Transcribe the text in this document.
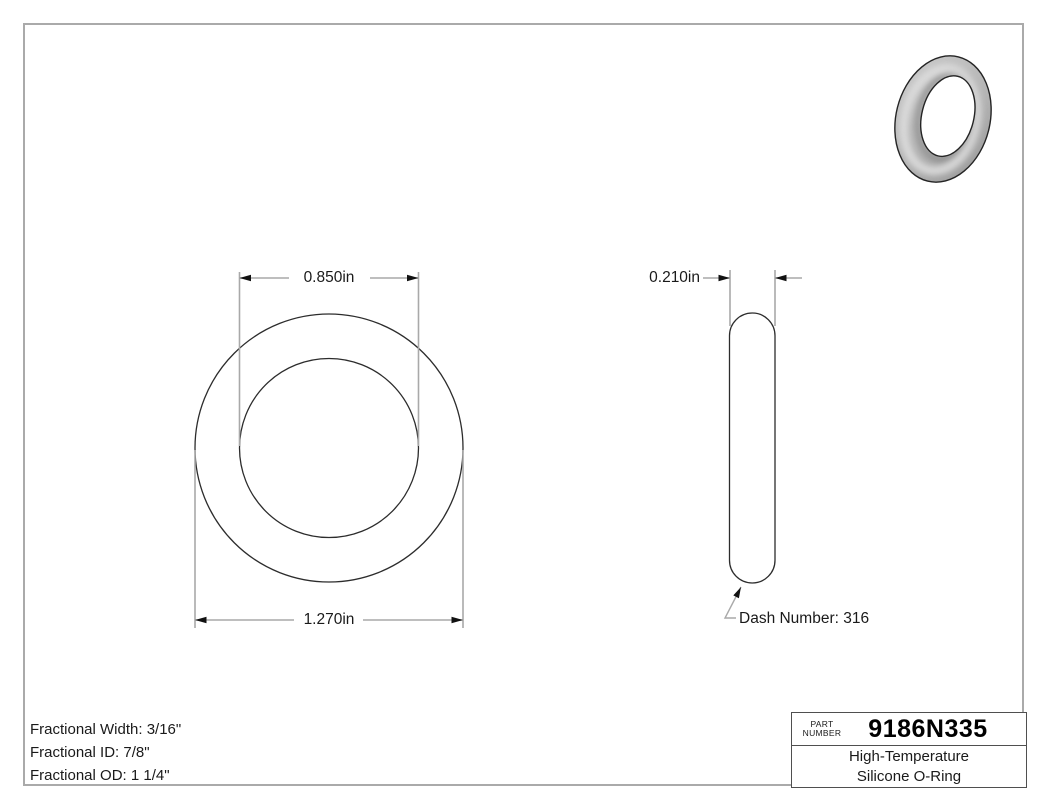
0.850in
1.270in
0.210in
Dash Number: 316
Fractional Width: 3/16"
Fractional ID: 7/8"
Fractional OD: 1 1/4"
PART
NUMBER	9186N335
High-Temperature
Silicone O-Ring
